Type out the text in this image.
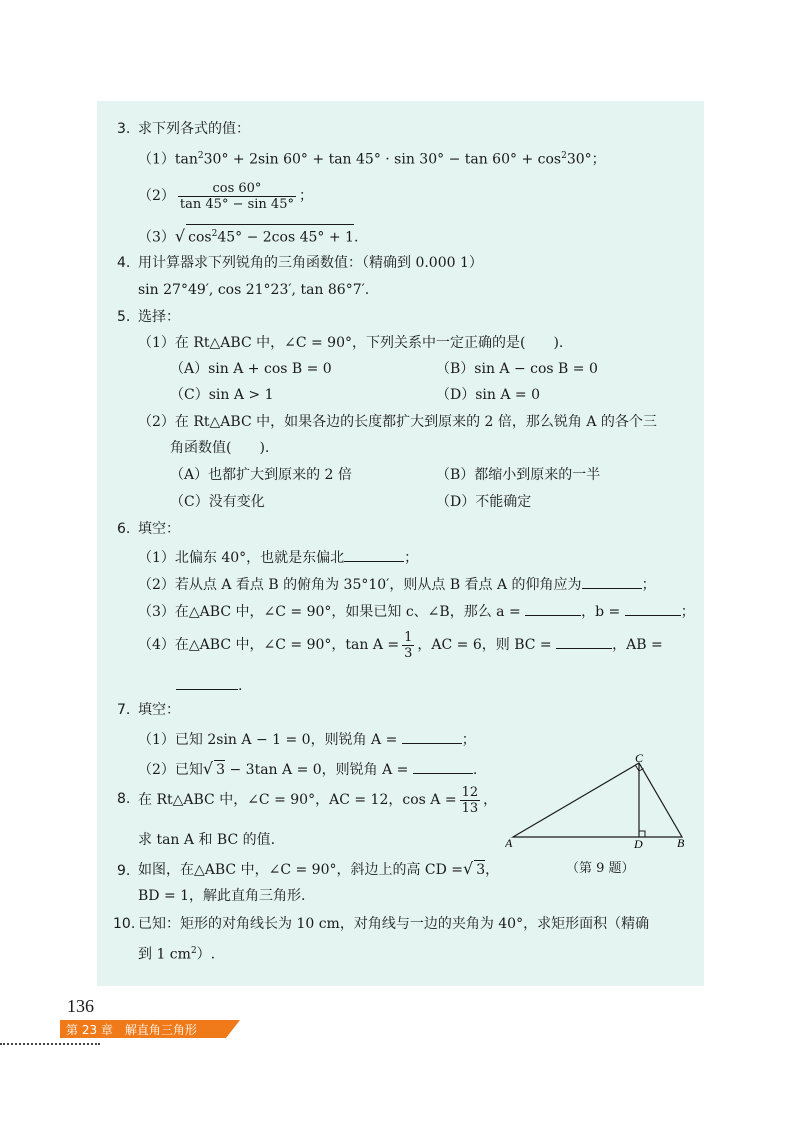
3. 求下列各式的值：
$(1)\tan^230^\circ + 2\sin$ $60^\circ + \tan 45^\circ \cdot \sin 30^\circ - \tan 60^\circ + \cos^230^\circ$；
$(2) \frac{\cos 60^\circ}{\tan 45^\circ - \sin 45^\circ}$ ；
（3）√ $\cos^245^\circ - 2\cos$ 45° + 1.
4. 用计算器求下列锐角的三角函数值：（精确到 0.000 1）
sin 27°49′, cos 21°23′, tan 86°7′.
5. 选择：
（1）在 Rt△ABC 中，∠C = 90°，下列关系中一定正确的是(　　).
（A）sin A + cos B = 0	（B）sin A − cos B = 0
（C）sin A > 1	（D）sin A = 0
（2）在 Rt△ABC 中，如果各边的长度都扩大到原来的 2 倍，那么锐角 A 的各个三
角函数值(　　).
（A）也都扩大到原来的 2 倍	（B）都缩小到原来的一半
（C）没有变化	（D）不能确定
6. 填空：
（1）北偏东 40°，也就是东偏北	；
（2）若从点 A 看点 B 的俯角为 35°10′，则从点 B 看点 A 的仰角应为	；
（3）在△ABC 中，∠C = 90°，如果已知 c、∠B，那么 a =	，b =	；
（4）在△ABC 中，∠C = 90°，$\tan A = \frac{1}{3}$ ，AC = 6，则 BC =	，AB =
.
7. 填空：
（1）已知 2sin A − 1 = 0，则锐角 A =	；
（2）已知√ 3 − 3tan A = 0，则锐角 A =	.
8. 在 Rt△ABC 中，∠C = 90°，AC = 12，$\cos A = \frac{12}{13}$ ，
求 tan A 和 BC 的值.
9. 如图，在△ABC 中，∠C = 90°，斜边上的高 CD =√ 3，
BD = 1，解此直角三角形.
10. 已知：矩形的对角线长为 10 cm，对角线与一边的夹角为 40°，求矩形面积（精确
到 1 $cm^2$）.
A	B
C
D
（第 9 题）
136
第 23 章　解直角三角形
